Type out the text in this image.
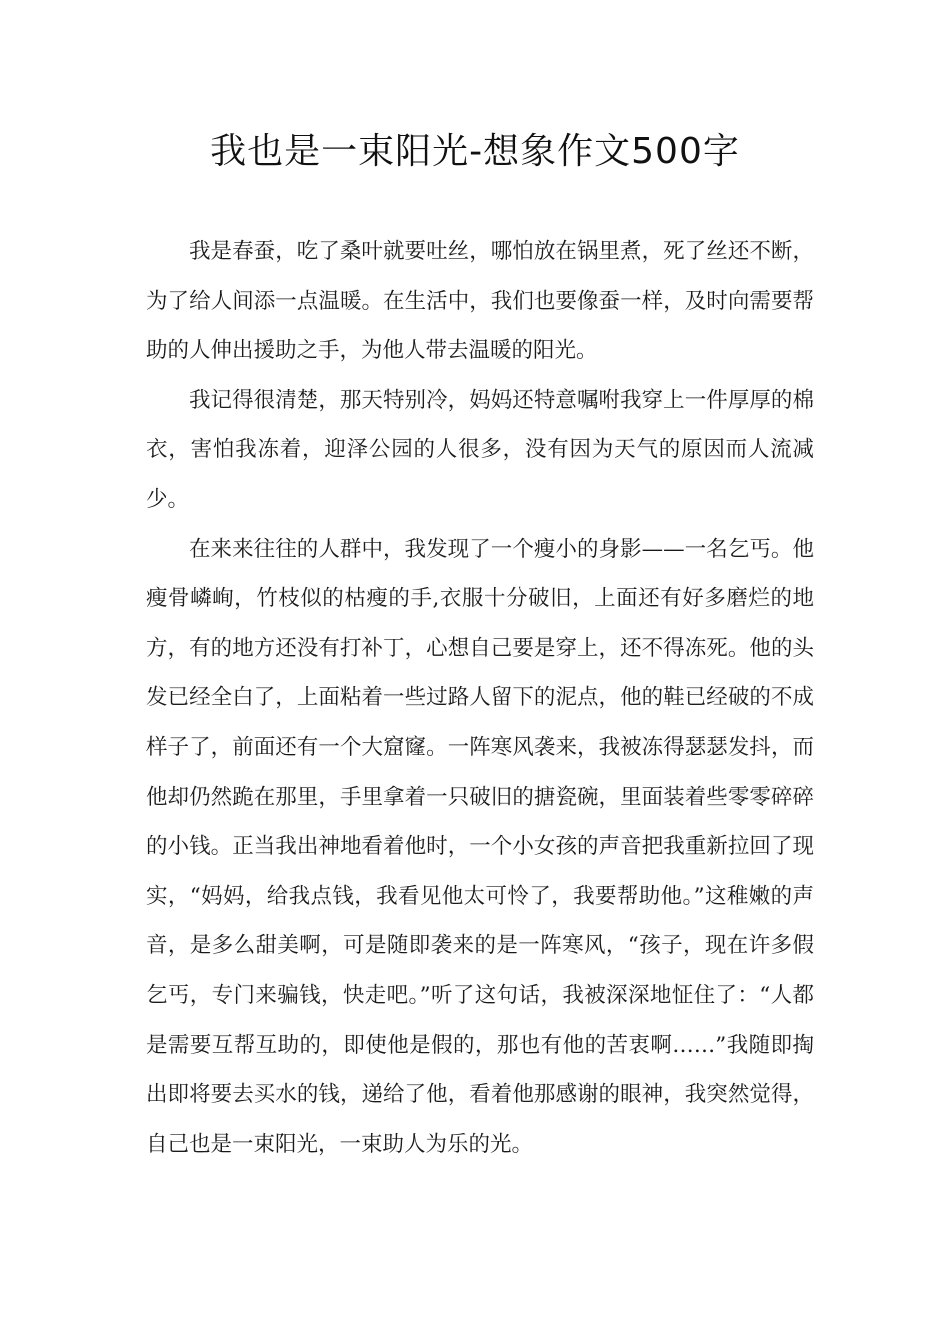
我也是一束阳光-想象作文500字

我是春蚕，吃了桑叶就要吐丝，哪怕放在锅里煮，死了丝还不断，为了给人间添一点温暖。在生活中，我们也要像蚕一样，及时向需要帮助的人伸出援助之手，为他人带去温暖的阳光。

我记得很清楚，那天特别冷，妈妈还特意嘱咐我穿上一件厚厚的棉衣，害怕我冻着，迎泽公园的人很多，没有因为天气的原因而人流减少。

在来来往往的人群中，我发现了一个瘦小的身影——一名乞丐。他瘦骨嶙峋，竹枝似的枯瘦的手,衣服十分破旧，上面还有好多磨烂的地方，有的地方还没有打补丁，心想自己要是穿上，还不得冻死。他的头发已经全白了，上面粘着一些过路人留下的泥点，他的鞋已经破的不成样子了，前面还有一个大窟窿。一阵寒风袭来，我被冻得瑟瑟发抖，而他却仍然跪在那里，手里拿着一只破旧的搪瓷碗，里面装着些零零碎碎的小钱。正当我出神地看着他时，一个小女孩的声音把我重新拉回了现实，“妈妈，给我点钱，我看见他太可怜了，我要帮助他。”这稚嫩的声音，是多么甜美啊，可是随即袭来的是一阵寒风，“孩子，现在许多假乞丐，专门来骗钱，快走吧。”听了这句话，我被深深地怔住了：“人都是需要互帮互助的，即使他是假的，那也有他的苦衷啊……”我随即掏出即将要去买水的钱，递给了他，看着他那感谢的眼神，我突然觉得，自己也是一束阳光，一束助人为乐的光。
